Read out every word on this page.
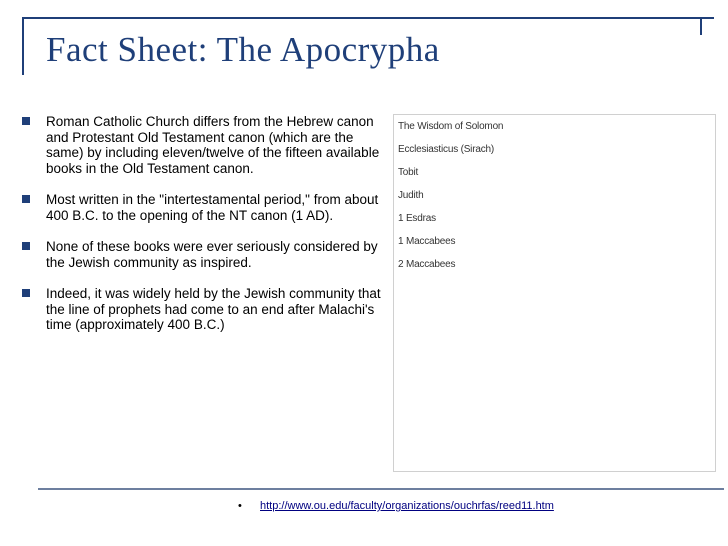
Fact Sheet: The Apocrypha
Roman Catholic Church differs from the Hebrew canon and Protestant Old Testament canon (which are the same) by including eleven/twelve of the fifteen available books in the Old Testament canon.
Most written in the "intertestamental period," from about 400 B.C. to the opening of the NT canon (1 AD).
None of these books were ever seriously considered by the Jewish community as inspired.
Indeed, it was widely held by the Jewish community that the line of prophets had come to an end after Malachi's time (approximately 400 B.C.)
The Wisdom of Solomon
Ecclesiasticus (Sirach)
Tobit
Judith
1 Esdras
1 Maccabees
2 Maccabees
• http://www.ou.edu/faculty/organizations/ouchrfas/reed11.htm
